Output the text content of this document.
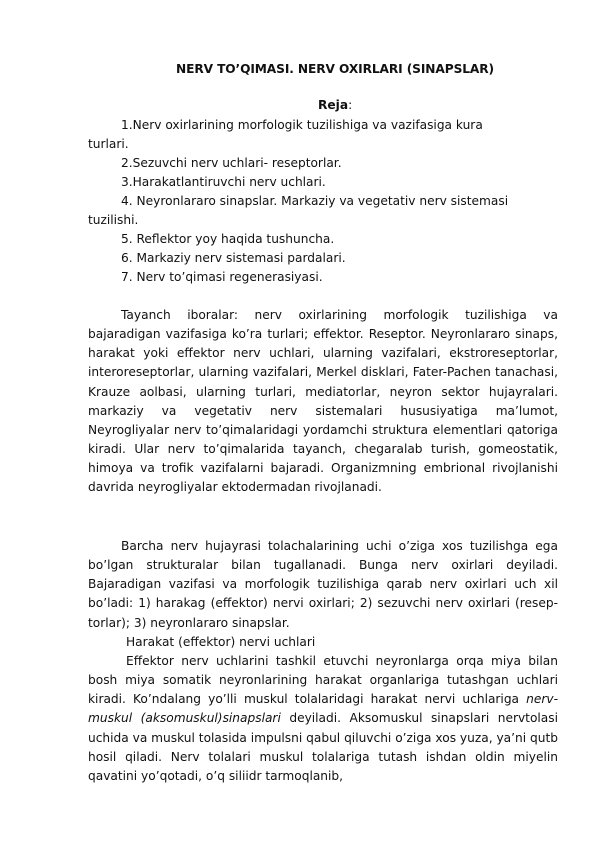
NERV TO’QIMASI. NERV OXIRLARI (SINAPSLAR)
Reja:
1.Nerv oxirlarining morfologik tuzilishiga va vazifasiga kura
turlari.
2.Sezuvchi nerv uchlari- reseptorlar.
3.Harakatlantiruvchi nerv uchlari.
4. Neyronlararo sinapslar. Markaziy va vegetativ nerv sistemasi
tuzilishi.
5. Reflektor yoy haqida tushuncha.
6. Markaziy nerv sistemasi pardalari.
7. Nerv to’qimasi regenerasiyasi.
Tayanch iboralar: nerv oxirlarining morfologik tuzilishiga va bajaradigan vazifasiga ko’ra turlari; effektor. Reseptor. Neyronlararo sinaps, harakat yoki effektor nerv uchlari, ularning vazifalari, ekstroreseptorlar, interoreseptorlar, ularning vazifalari, Merkel disklari, Fater-Pachen tanachasi, Krauze aolbasi, ularning turlari, mediatorlar, neyron sektor hujayralari. markaziy va vegetativ nerv sistemalari hususiyatiga ma’lumot, Neyrogliyalar nerv to’qimalaridagi yordamchi struktura elementlari qatoriga kiradi. Ular nerv to’qimalarida tayanch, chegaralab turish, gomeostatik, himoya va trofik vazifalarni bajaradi. Organizmning embrional rivojlanishi davrida neyrogliyalar ektodermadan rivojlanadi.
Barcha nerv hujayrasi tolachalarining uchi o’ziga xos tuzilishga ega bo’lgan strukturalar bilan tugallanadi. Bunga nerv oxirlari deyiladi. Bajaradigan vazifasi va morfologik tuzilishiga qarab nerv oxirlari uch xil bo’ladi: 1) harakag (effektor) nervi oxirlari; 2) sezuvchi nerv oxirlari (resep-torlar); 3) neyronlararo sinapslar.
Harakat (effektor) nervi uchlari
Effektor nerv uchlarini tashkil etuvchi neyronlarga orqa miya bilan bosh miya somatik neyronlarining harakat organlariga tutashgan uchlari kiradi. Ko’ndalang yo’lli muskul tolalaridagi harakat nervi uchlariga nerv-muskul (aksomuskul)sinapslari deyiladi. Aksomuskul sinapslari nervtolasi uchida va muskul tolasida impulsni qabul qiluvchi o’ziga xos yuza, ya’ni qutb hosil qiladi. Nerv tolalari muskul tolalariga tutash ishdan oldin miyelin qavatini yo’qotadi, o’q siliidr tarmoqlanib,
